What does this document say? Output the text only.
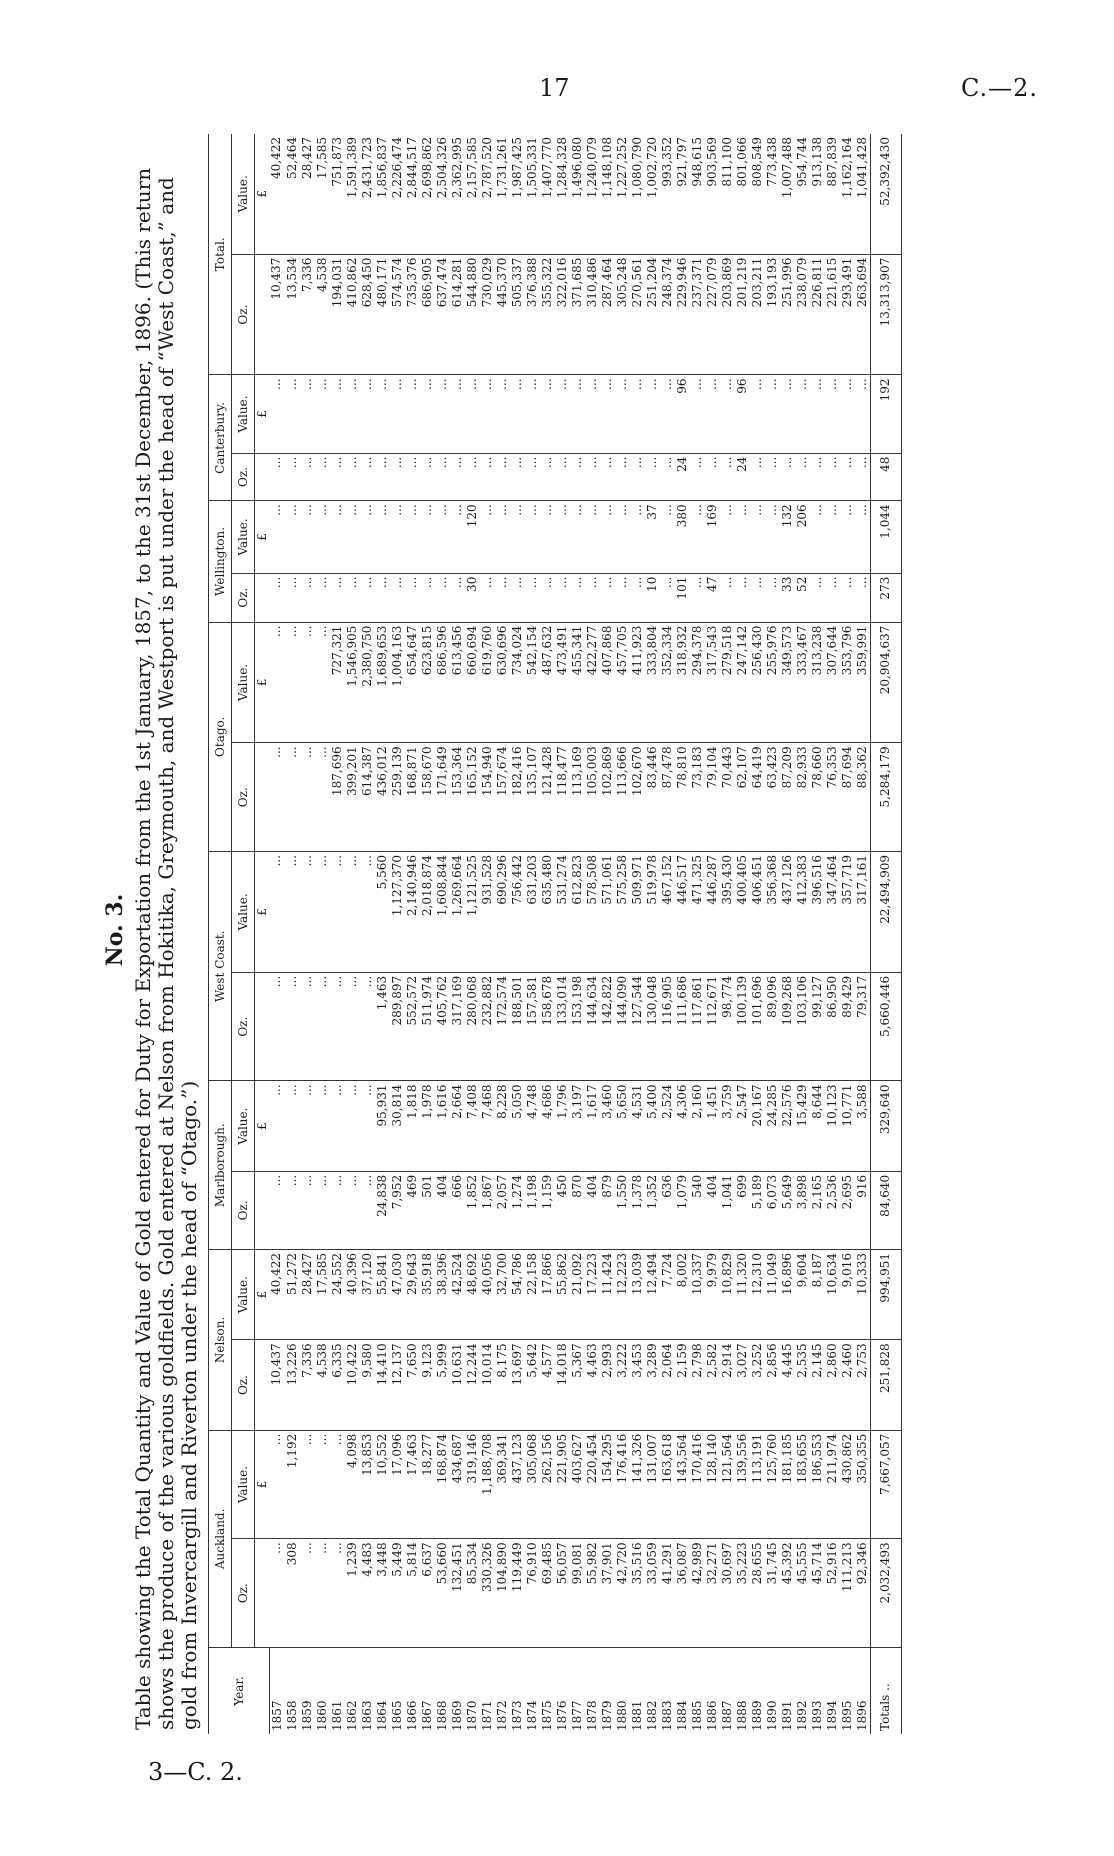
17	C.—2.
No. 3. Table showing the Total Quantity and Value of Gold entered for Duty for Exportation from the 1st January, 1857, to the 31st December, 1896. (This return shows the produce of the various goldfields. Gold entered at Nelson from Hokitika, Greymouth, and Westport is put under the head of “West Coast,” and gold from Invercargill and Riverton under the head of “Otago.”)	Year.	Auckland.		Nelson.		Marlborough.		West Coast.		Otago.		Wellington.		Canterbury.		Total.	
	Oz.	Value.	Oz.	Value.	Oz.	Value.	Oz.	Value.	Oz.	Value.	Oz.	Value.	Oz.	Value.	Oz.	Value.
		£		£		£		£		£		£		£		£
1857	...	...	10,437	40,422	...	...	...	...	...	...	...	...	...	...	10,437	40,422
1858	308	1,192	13,226	51,272	...	...	...	...	...	...	...	...	...	...	13,534	52,464
1859	...	...	7,336	28,427	...	...	...	...	...	...	...	...	...	...	7,336	28,427
1860	...	...	4,538	17,585	...	...	...	...	...	...	...	...	...	...	4,538	17,585
1861	...	...	6,335	24,552	...	...	...	...	187,696	727,321	...	...	...	...	194,031	751,873
1862	1,239	4,098	10,422	40,396	...	...	...	...	399,201	1,546,905	...	...	...	...	410,862	1,591,389
1863	4,483	13,853	9,580	37,120	...	...	...	...	614,387	2,380,750	...	...	...	...	628,450	2,431,723
1864	3,448	10,552	14,410	55,841	24,838	95,931	1,463	5,560	436,012	1,689,653	...	...	...	...	480,171	1,856,837
1865	5,449	17,096	12,137	47,030	7,952	30,814	289,897	1,127,370	259,139	1,004,163	...	...	...	...	574,574	2,226,474
1866	5,814	17,463	7,650	29,643	469	1,818	552,572	2,140,946	168,871	654,647	...	...	...	...	735,376	2,844,517
1867	6,637	18,277	9,123	35,918	501	1,978	511,974	2,018,874	158,670	623,815	...	...	...	...	686,905	2,698,862
1868	53,660	168,874	5,999	38,396	404	1,616	405,762	1,608,844	171,649	686,596	...	...	...	...	637,474	2,504,326
1869	132,451	434,687	10,631	42,524	666	2,664	317,169	1,269,664	153,364	613,456	...	...	...	...	614,281	2,362,995
1870	85,534	319,146	12,244	48,692	1,852	7,408	280,068	1,121,525	165,152	660,694	30	120	...	...	544,880	2,157,585
1871	330,326	1,188,708	10,014	40,056	1,867	7,468	232,882	931,528	154,940	619,760	...	...	...	...	730,029	2,787,520
1872	104,890	369,341	8,175	32,700	2,057	8,228	172,574	690,296	157,674	630,696	...	...	...	...	445,370	1,731,261
1873	119,449	437,123	13,697	54,786	1,274	5,050	188,501	756,442	182,416	734,024	...	...	...	...	505,337	1,987,425
1874	76,910	305,068	5,642	22,158	1,198	4,748	157,581	631,203	135,107	542,154	...	...	...	...	376,388	1,505,331
1875	69,485	262,156	4,577	17,866	1,159	4,686	158,678	635,480	121,428	487,632	...	...	...	...	355,322	1,407,770
1876	56,057	221,905	14,018	55,862	450	1,796	133,014	531,274	118,477	473,491	...	...	...	...	322,016	1,284,328
1877	99,081	403,627	5,367	21,092	870	3,197	153,198	612,823	113,169	455,341	...	...	...	...	371,685	1,496,080
1878	55,982	220,454	4,463	17,223	404	1,617	144,634	578,508	105,003	422,277	...	...	...	...	310,486	1,240,079
1879	37,901	154,295	2,993	11,424	879	3,460	142,822	571,061	102,869	407,868	...	...	...	...	287,464	1,148,108
1880	42,720	176,416	3,222	12,223	1,550	5,650	144,090	575,258	113,666	457,705	...	...	...	...	305,248	1,227,252
1881	35,516	141,326	3,453	13,039	1,378	4,531	127,544	509,971	102,670	411,923	...	...	...	...	270,561	1,080,790
1882	33,059	131,007	3,289	12,494	1,352	5,400	130,048	519,978	83,446	333,804	10	37	...	...	251,204	1,002,720
1883	41,291	163,618	2,064	7,724	636	2,524	116,905	467,152	87,478	352,334	...	...	...	...	248,374	993,352
1884	36,087	143,564	2,159	8,002	1,079	4,306	111,686	446,517	78,810	318,932	101	380	24	96	229,946	921,797
1885	42,989	170,416	2,798	10,337	540	2,160	117,861	471,325	73,183	294,378	...	...	...	...	237,371	948,615
1886	32,271	128,140	2,582	9,979	404	1,451	112,671	446,287	79,104	317,543	47	169	...	...	227,079	903,569
1887	30,697	121,564	2,914	10,829	1,041	3,759	98,774	395,430	70,443	279,518	...	...	...	...	203,869	811,100
1888	35,223	139,556	3,027	11,320	699	2,547	100,139	400,405	62,107	247,142	...	...	24	96	201,219	801,066
1889	28,655	113,191	3,252	12,310	5,189	20,167	101,696	406,451	64,419	256,430	...	...	...	...	203,211	808,549
1890	31,745	125,760	2,856	11,049	6,073	24,285	89,096	356,368	63,423	255,976	...	...	...	...	193,193	773,438
1891	45,392	181,185	4,445	16,896	5,649	22,576	109,268	437,126	87,209	349,573	33	132	...	...	251,996	1,007,488
1892	45,555	183,655	2,535	9,604	3,898	15,429	103,106	412,383	82,933	333,467	52	206	...	...	238,079	954,744
1893	45,714	186,553	2,145	8,187	2,165	8,644	99,127	396,516	78,660	313,238	...	...	...	...	226,811	913,138
1894	52,916	211,974	2,860	10,634	2,536	10,123	86,950	347,464	76,353	307,644	...	...	...	...	221,615	887,839
1895	111,213	430,862	2,460	9,016	2,695	10,771	89,429	357,719	87,694	353,796	...	...	...	...	293,491	1,162,164
1896	92,346	350,355	2,753	10,333	916	3,588	79,317	317,161	88,362	359,991	...	...	...	...	263,694	1,041,428
Totals ..	2,032,493	7,667,057	251,828	994,951	84,640	329,640	5,660,446	22,494,909	5,284,179	20,904,637	273	1,044	48	192	13,313,907	52,392,430
3—C. 2.
